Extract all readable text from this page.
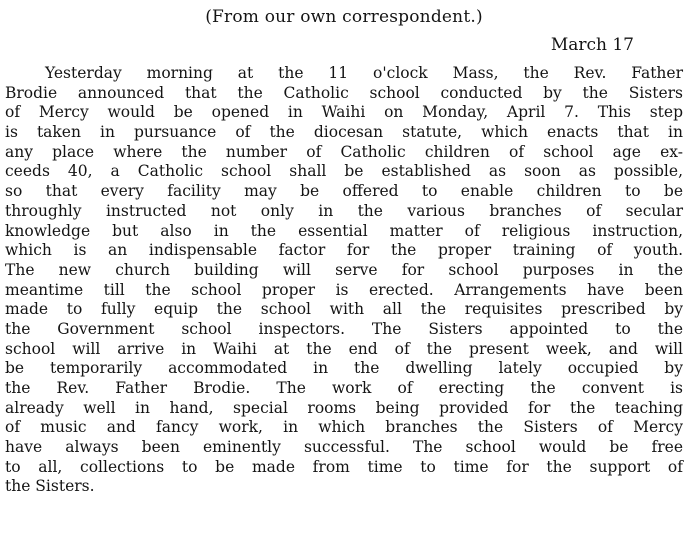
(From our own correspondent.)
March 17
Yesterday morning at the 11 o'clock Mass, the Rev. Father
Brodie announced that the Catholic school conducted by the Sisters
of Mercy would be opened in Waihi on Monday, April 7. This step
is taken in pursuance of the diocesan statute, which enacts that in
any place where the number of Catholic children of school age ex-
ceeds 40, a Catholic school shall be established as soon as possible,
so that every facility may be offered to enable children to be
throughly instructed not only in the various branches of secular
knowledge but also in the essential matter of religious instruction,
which is an indispensable factor for the proper training of youth.
The new church building will serve for school purposes in the
meantime till the school proper is erected. Arrangements have been
made to fully equip the school with all the requisites prescribed by
the Government school inspectors. The Sisters appointed to the
school will arrive in Waihi at the end of the present week, and will
be temporarily accommodated in the dwelling lately occupied by
the Rev. Father Brodie. The work of erecting the convent is
already well in hand, special rooms being provided for the teaching
of music and fancy work, in which branches the Sisters of Mercy
have always been eminently successful. The school would be free
to all, collections to be made from time to time for the support of
the Sisters.
